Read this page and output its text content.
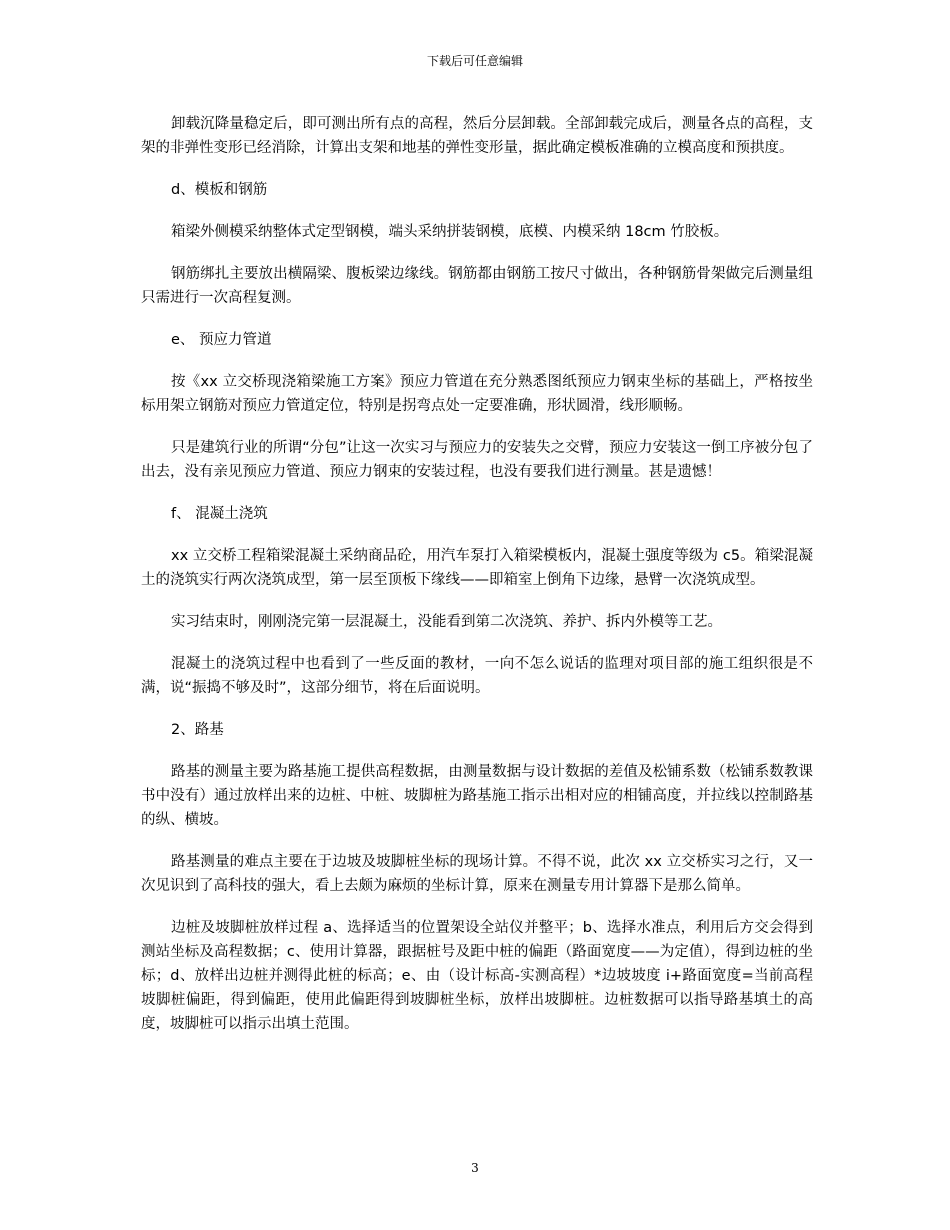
下载后可任意编辑

卸载沉降量稳定后，即可测出所有点的高程，然后分层卸载。全部卸载完成后，测量各点的高程，支架的非弹性变形已经消除，计算出支架和地基的弹性变形量，据此确定模板准确的立模高度和预拱度。

d、模板和钢筋

箱梁外侧模采纳整体式定型钢模，端头采纳拼装钢模，底模、内模采纳 18cm 竹胶板。

钢筋绑扎主要放出横隔梁、腹板梁边缘线。钢筋都由钢筋工按尺寸做出，各种钢筋骨架做完后测量组只需进行一次高程复测。

e、 预应力管道

按《xx 立交桥现浇箱梁施工方案》预应力管道在充分熟悉图纸预应力钢束坐标的基础上，严格按坐标用架立钢筋对预应力管道定位，特别是拐弯点处一定要准确，形状圆滑，线形顺畅。

只是建筑行业的所谓“分包”让这一次实习与预应力的安装失之交臂，预应力安装这一倒工序被分包了出去，没有亲见预应力管道、预应力钢束的安装过程，也没有要我们进行测量。甚是遗憾！

f、 混凝土浇筑

xx 立交桥工程箱梁混凝土采纳商品砼，用汽车泵打入箱梁模板内，混凝土强度等级为 c5。箱梁混凝土的浇筑实行两次浇筑成型，第一层至顶板下缘线——即箱室上倒角下边缘，悬臂一次浇筑成型。

实习结束时，刚刚浇完第一层混凝土，没能看到第二次浇筑、养护、拆内外模等工艺。

混凝土的浇筑过程中也看到了一些反面的教材，一向不怎么说话的监理对项目部的施工组织很是不满，说“振捣不够及时”，这部分细节，将在后面说明。

2、路基

路基的测量主要为路基施工提供高程数据，由测量数据与设计数据的差值及松铺系数（松铺系数教课书中没有）通过放样出来的边桩、中桩、坡脚桩为路基施工指示出相对应的相铺高度，并拉线以控制路基的纵、横坡。

路基测量的难点主要在于边坡及坡脚桩坐标的现场计算。不得不说，此次 xx 立交桥实习之行，又一次见识到了高科技的强大，看上去颇为麻烦的坐标计算，原来在测量专用计算器下是那么简单。

边桩及坡脚桩放样过程 a、选择适当的位置架设全站仪并整平；b、选择水准点，利用后方交会得到测站坐标及高程数据；c、使用计算器，跟据桩号及距中桩的偏距（路面宽度——为定值），得到边桩的坐标；d、放样出边桩并测得此桩的标高；e、由（设计标高-实测高程）*边坡坡度 i+路面宽度=当前高程坡脚桩偏距，得到偏距，使用此偏距得到坡脚桩坐标，放样出坡脚桩。边桩数据可以指导路基填土的高度，坡脚桩可以指示出填土范围。

3
